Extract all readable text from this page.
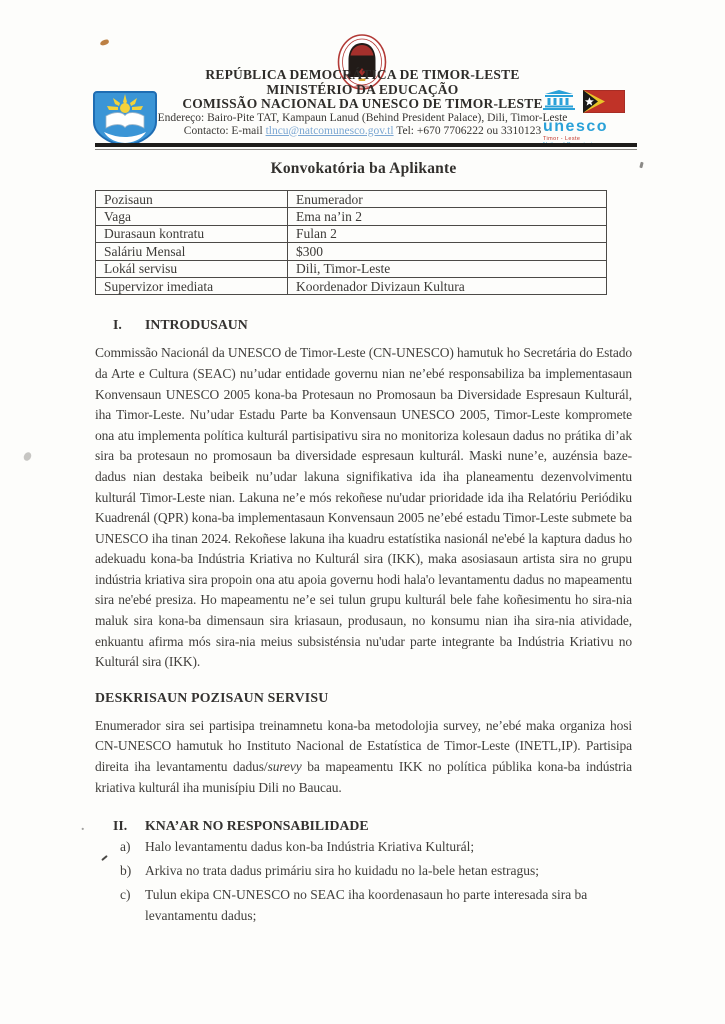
unesco
Timor - Leste
REPÚBLICA DEMOCRÁTICA DE TIMOR-LESTE
MINISTÉRIO DA EDUCAÇÃO
COMISSÃO NACIONAL DA UNESCO DE TIMOR-LESTE
Endereço: Bairo-Pite TAT, Kampaun Lanud (Behind President Palace), Dili, Timor-Leste
Contacto: E-mail tlncu@natcomunesco.gov.tl Tel: +670 7706222 ou 3310123
Konvokatória ba Aplikante
Pozisaun	Enumerador
Vaga	Ema na’in 2
Durasaun kontratu	Fulan 2
Saláriu Mensal	$300
Lokál servisu	Dili, Timor-Leste
Supervizor imediata	Koordenador Divizaun Kultura
I.	INTRODUSAUN

Commissão Nacionál da UNESCO de Timor-Leste (CN-UNESCO) hamutuk ho Secretária do Estado da Arte e Cultura (SEAC) nu’udar entidade governu nian ne’ebé responsabiliza ba implementasaun Konvensaun UNESCO 2005 kona-ba Protesaun no Promosaun ba Diversidade Espresaun Kulturál, iha Timor-Leste. Nu’udar Estadu Parte ba Konvensaun UNESCO 2005, Timor-Leste kompromete ona atu implementa política kulturál partisipativu sira no monitoriza kolesaun dadus no prátika di’ak sira ba protesaun no promosaun ba diversidade espresaun kulturál. Maski nune’e, auzénsia baze-dadus nian destaka beibeik nu’udar lakuna signifikativa ida iha planeamentu dezenvolvimentu kulturál Timor-Leste nian. Lakuna ne’e mós rekoñese nu'udar prioridade ida iha Relatóriu Periódiku Kuadrenál (QPR) kona-ba implementasaun Konvensaun 2005 ne’ebé estadu Timor-Leste submete ba UNESCO iha tinan 2024. Rekoñese lakuna iha kuadru estatístika nasionál ne'ebé la kaptura dadus ho adekuadu kona-ba Indústria Kriativa no Kulturál sira (IKK), maka asosiasaun artista sira no grupu indústria kriativa sira propoin ona atu apoia governu hodi hala'o levantamentu dadus no mapeamentu sira ne'ebé presiza. Ho mapeamentu ne’e sei tulun grupu kulturál bele fahe koñesimentu ho sira-nia maluk sira kona-ba dimensaun sira kriasaun, produsaun, no konsumu nian iha sira-nia atividade, enkuantu afirma mós sira-nia meius subsisténsia nu'udar parte integrante ba Indústria Kriativu no Kulturál sira (IKK).

DESKRISAUN POZISAUN SERVISU

Enumerador sira sei partisipa treinamnetu kona-ba metodolojia survey, ne’ebé maka organiza hosi CN-UNESCO hamutuk ho Instituto Nacional de Estatística de Timor-Leste (INETL,IP). Partisipa direita iha levantamentu dadus/surevy ba mapeamentu IKK no política públika kona-ba indústria kriativa kulturál iha munisípiu Dili no Baucau.

.	II.	KNA’AR NO RESPONSABILIDADE
a)	Halo levantamentu dadus kon-ba Indústria Kriativa Kulturál;
b)	Arkiva no trata dadus primáriu sira ho kuidadu no la-bele hetan estragus;
c)	Tulun ekipa CN-UNESCO no SEAC iha koordenasaun ho parte interesada sira ba levantamentu dadus;
